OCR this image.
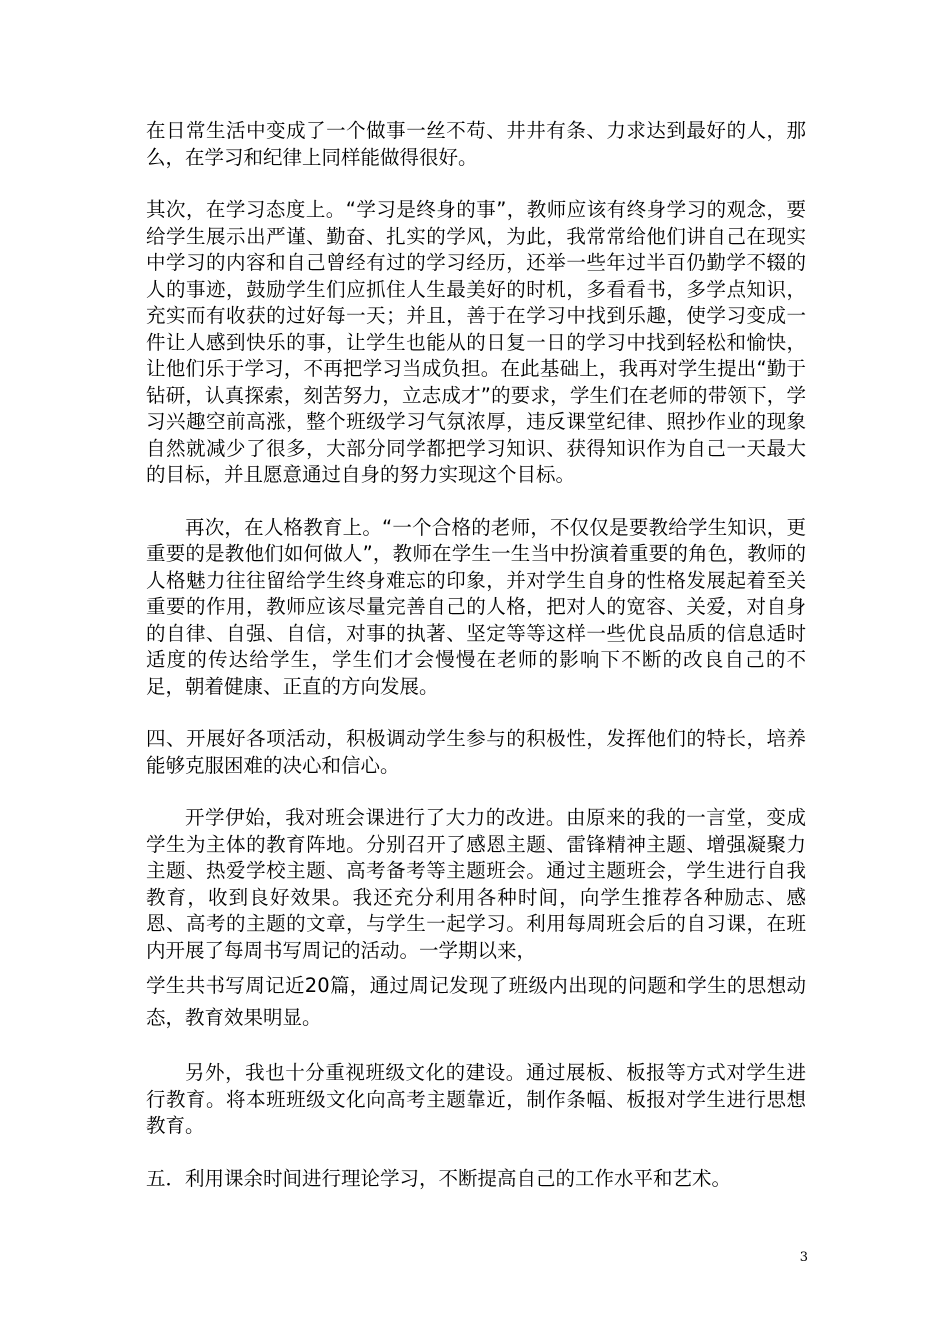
在日常生活中变成了一个做事一丝不苟、井井有条、力求达到最好的人，那么，在学习和纪律上同样能做得很好。

其次，在学习态度上。“学习是终身的事”，教师应该有终身学习的观念，要给学生展示出严谨、勤奋、扎实的学风，为此，我常常给他们讲自己在现实中学习的内容和自己曾经有过的学习经历，还举一些年过半百仍勤学不辍的人的事迹，鼓励学生们应抓住人生最美好的时机，多看看书，多学点知识，充实而有收获的过好每一天；并且，善于在学习中找到乐趣，使学习变成一件让人感到快乐的事，让学生也能从的日复一日的学习中找到轻松和愉快，让他们乐于学习，不再把学习当成负担。在此基础上，我再对学生提出“勤于钻研，认真探索，刻苦努力，立志成才”的要求，学生们在老师的带领下，学习兴趣空前高涨，整个班级学习气氛浓厚，违反课堂纪律、照抄作业的现象自然就减少了很多，大部分同学都把学习知识、获得知识作为自己一天最大的目标，并且愿意通过自身的努力实现这个目标。

再次，在人格教育上。“一个合格的老师，不仅仅是要教给学生知识，更重要的是教他们如何做人”，教师在学生一生当中扮演着重要的角色，教师的人格魅力往往留给学生终身难忘的印象，并对学生自身的性格发展起着至关重要的作用，教师应该尽量完善自己的人格，把对人的宽容、关爱，对自身的自律、自强、自信，对事的执著、坚定等等这样一些优良品质的信息适时适度的传达给学生，学生们才会慢慢在老师的影响下不断的改良自己的不足，朝着健康、正直的方向发展。

四、开展好各项活动，积极调动学生参与的积极性，发挥他们的特长，培养能够克服困难的决心和信心。

开学伊始，我对班会课进行了大力的改进。由原来的我的一言堂，变成学生为主体的教育阵地。分别召开了感恩主题、雷锋精神主题、增强凝聚力主题、热爱学校主题、高考备考等主题班会。通过主题班会，学生进行自我教育，收到良好效果。我还充分利用各种时间，向学生推荐各种励志、感恩、高考的主题的文章，与学生一起学习。利用每周班会后的自习课，在班内开展了每周书写周记的活动。一学期以来，

学生共书写周记近20篇，通过周记发现了班级内出现的问题和学生的思想动态，教育效果明显。

另外，我也十分重视班级文化的建设。通过展板、板报等方式对学生进行教育。将本班班级文化向高考主题靠近，制作条幅、板报对学生进行思想教育。

五．利用课余时间进行理论学习，不断提高自己的工作水平和艺术。

3
